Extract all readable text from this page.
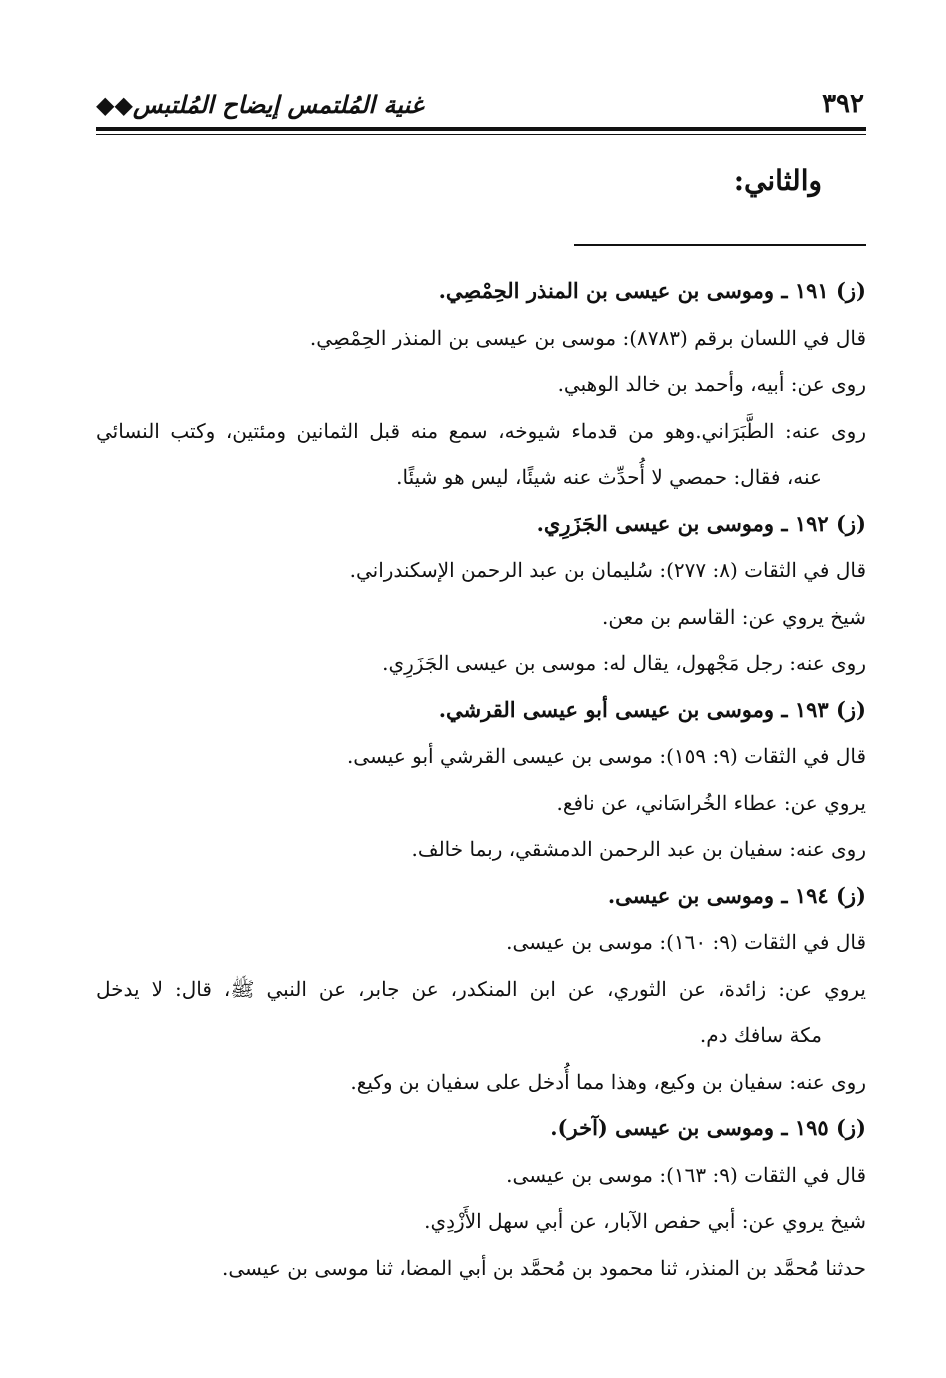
٣٩٢
غنية المُلتمس إيضاح المُلتبس◆◆
والثاني:

(ز) ١٩١ ـ وموسى بن عيسى بن المنذر الحِمْصِي.

قال في اللسان برقم (٨٧٨٣): موسى بن عيسى بن المنذر الحِمْصِي.

روى عن: أبيه، وأحمد بن خالد الوهبي.

روى عنه: الطَّبَرَاني.وهو من قدماء شيوخه، سمع منه قبل الثمانين ومئتين، وكتب النسائي

عنه، فقال: حمصي لا أُحدِّث عنه شيئًا، ليس هو شيئًا.

(ز) ١٩٢ ـ وموسى بن عيسى الجَزَرِي.

قال في الثقات (٨: ٢٧٧): سُليمان بن عبد الرحمن الإسكندراني.

شيخ يروي عن: القاسم بن معن.

روى عنه: رجل مَجْهول، يقال له: موسى بن عيسى الجَزَرِي.

(ز) ١٩٣ ـ وموسى بن عيسى أبو عيسى القرشي.

قال في الثقات (٩: ١٥٩): موسى بن عيسى القرشي أبو عيسى.

يروي عن: عطاء الخُراسَاني، عن نافع.

روى عنه: سفيان بن عبد الرحمن الدمشقي، ربما خالف.

(ز) ١٩٤ ـ وموسى بن عيسى.

قال في الثقات (٩: ١٦٠): موسى بن عيسى.

يروي عن: زائدة، عن الثوري، عن ابن المنكدر، عن جابر، عن النبي ﷺ، قال: لا يدخل

مكة سافك دم.

روى عنه: سفيان بن وكيع، وهذا مما أُدخل على سفيان بن وكيع.

(ز) ١٩٥ ـ وموسى بن عيسى (آخر).

قال في الثقات (٩: ١٦٣): موسى بن عيسى.

شيخ يروي عن: أبي حفص الآبار، عن أبي سهل الأَزْدِي.

حدثنا مُحمَّد بن المنذر، ثنا محمود بن مُحمَّد بن أبي المضا، ثنا موسى بن عيسى.
